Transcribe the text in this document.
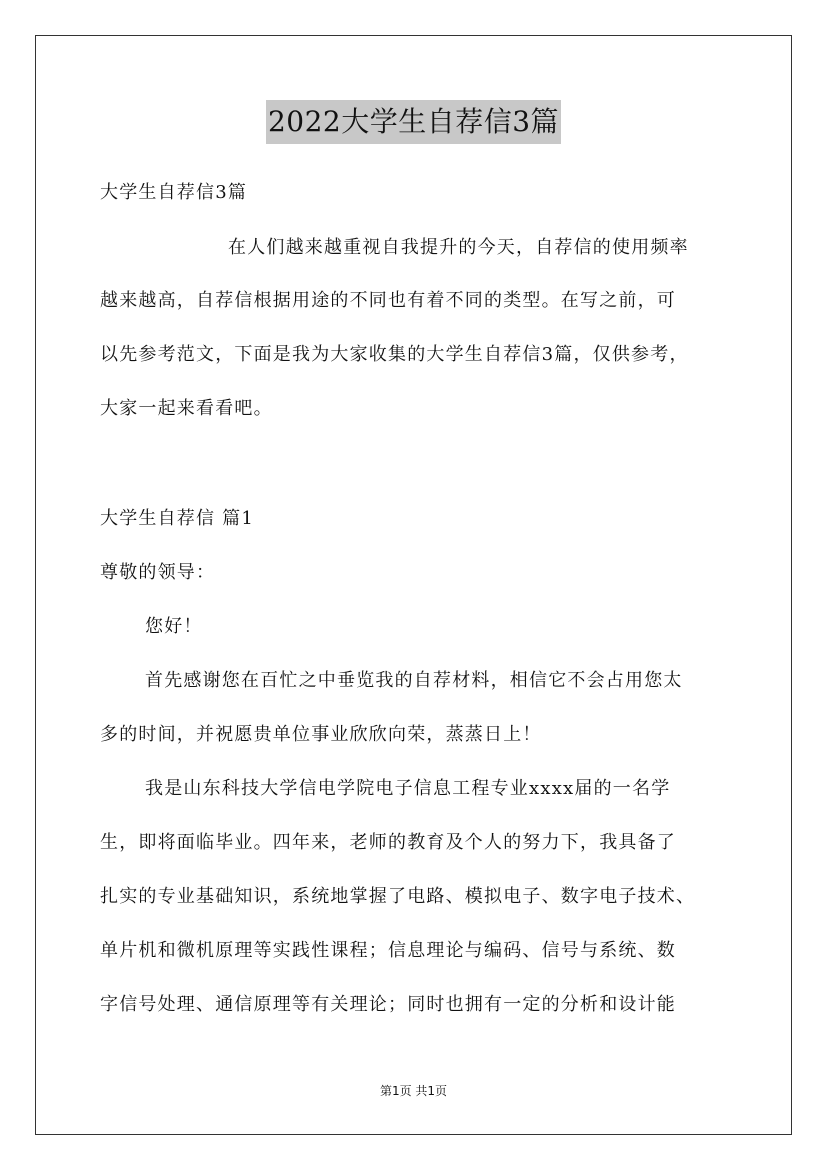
2022大学生自荐信3篇
大学生自荐信3篇
在人们越来越重视自我提升的今天，自荐信的使用频率
越来越高，自荐信根据用途的不同也有着不同的类型。在写之前，可
以先参考范文，下面是我为大家收集的大学生自荐信3篇，仅供参考，
大家一起来看看吧。
大学生自荐信 篇1
尊敬的领导：
您好！
首先感谢您在百忙之中垂览我的自荐材料，相信它不会占用您太
多的时间，并祝愿贵单位事业欣欣向荣，蒸蒸日上！
我是山东科技大学信电学院电子信息工程专业xxxx届的一名学
生，即将面临毕业。四年来，老师的教育及个人的努力下，我具备了
扎实的专业基础知识，系统地掌握了电路、模拟电子、数字电子技术、
单片机和微机原理等实践性课程；信息理论与编码、信号与系统、数
字信号处理、通信原理等有关理论；同时也拥有一定的分析和设计能
第1页 共1页
